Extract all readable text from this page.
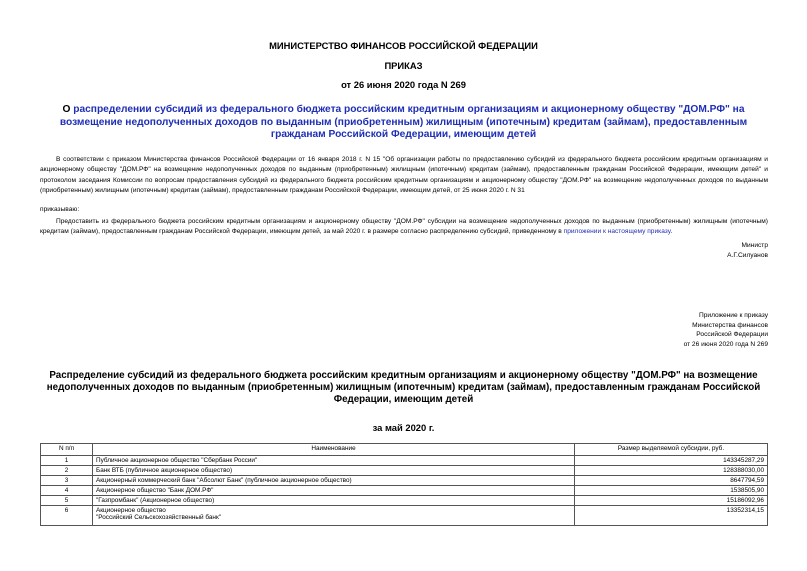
МИНИСТЕРСТВО ФИНАНСОВ РОССИЙСКОЙ ФЕДЕРАЦИИ
ПРИКАЗ
от 26 июня 2020 года N 269
О распределении субсидий из федерального бюджета российским кредитным организациям и акционерному обществу "ДОМ.РФ" на возмещение недополученных доходов по выданным (приобретенным) жилищным (ипотечным) кредитам (займам), предоставленным гражданам Российской Федерации, имеющим детей
В соответствии с приказом Министерства финансов Российской Федерации от 16 января 2018 г. N 15 "Об организации работы по предоставлению субсидий из федерального бюджета российским кредитным организациям и акционерному обществу "ДОМ.РФ" на возмещение недополученных доходов по выданным (приобретенным) жилищным (ипотечным) кредитам (займам), предоставленным гражданам Российской Федерации, имеющим детей" и протоколом заседания Комиссии по вопросам предоставления субсидий из федерального бюджета российским кредитным организациям и акционерному обществу "ДОМ.РФ" на возмещение недополученных доходов по выданным (приобретенным) жилищным (ипотечным) кредитам (займам), предоставленным гражданам Российской Федерации, имеющим детей, от 25 июня 2020 г. N 31
приказываю:
Предоставить из федерального бюджета российским кредитным организациям и акционерному обществу "ДОМ.РФ" субсидии на возмещение недополученных доходов по выданным (приобретенным) жилищным (ипотечным) кредитам (займам), предоставленным гражданам Российской Федерации, имеющим детей, за май 2020 г. в размере согласно распределению субсидий, приведенному в приложении к настоящему приказу.
Министр
А.Г.Силуанов
Приложение к приказу
Министерства финансов
Российской Федерации
от 26 июня 2020 года N 269
Распределение субсидий из федерального бюджета российским кредитным организациям и акционерному обществу "ДОМ.РФ" на возмещение недополученных доходов по выданным (приобретенным) жилищным (ипотечным) кредитам (займам), предоставленным гражданам Российской Федерации, имеющим детей
за май 2020 г.
N п/п	Наименование	Размер выделяемой субсидии, руб.
1	Публичное акционерное общество "Сбербанк России"	143345287,29
2	Банк ВТБ (публичное акционерное общество)	128388030,00
3	Акционерный коммерческий банк "Абсолют Банк" (публичное акционерное общество)	8647794,59
4	Акционерное общество "Банк ДОМ.РФ"	1538505,90
5	"Газпромбанк" (Акционерное общество)	15186092,96
6	Акционерное общество
"Российский Сельскохозяйственный банк"	13352314,15
